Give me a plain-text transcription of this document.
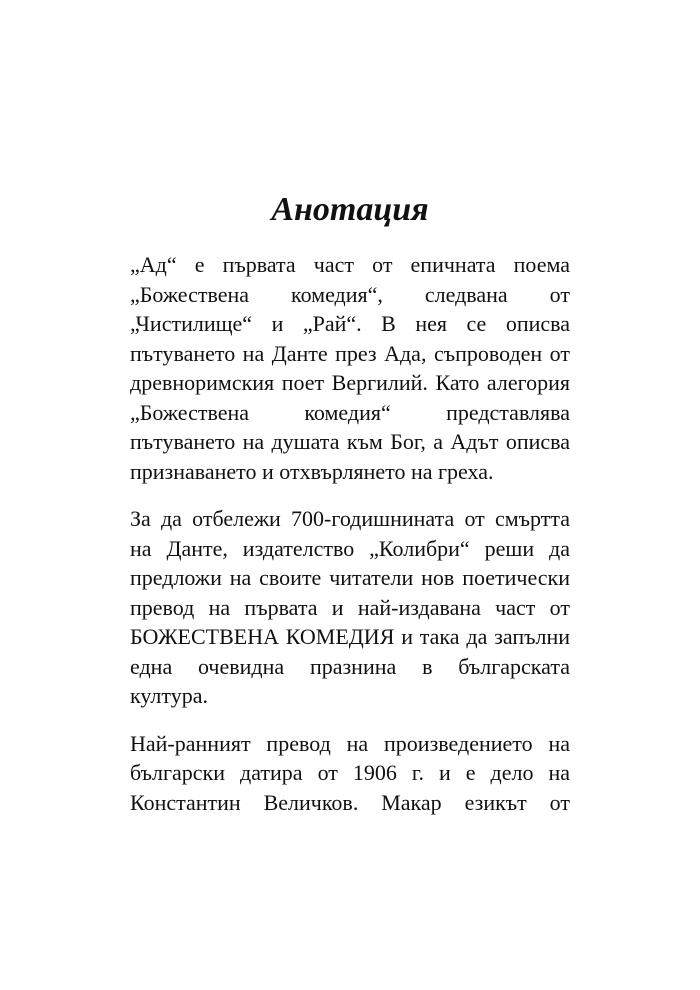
Анотация

„Ад“ е първата част от епичната поема „Божествена комедия“, следвана от „Чистилище“ и „Рай“. В нея се описва пътуването на Данте през Ада, съпроводен от древноримския поет Вергилий. Като алегория „Божествена комедия“ представлява пътуването на душата към Бог, а Адът описва признаването и отхвърлянето на греха.

За да отбележи 700-годишнината от смъртта на Данте, издателство „Колибри“ реши да предложи на своите читатели нов поетически превод на първата и най-издавана част от БОЖЕСТВЕНА КОМЕДИЯ и така да запълни една очевидна празнина в българската култура.

Най-ранният превод на произведението на български датира от 1906 г. и е дело на Константин Величков. Макар езикът от
